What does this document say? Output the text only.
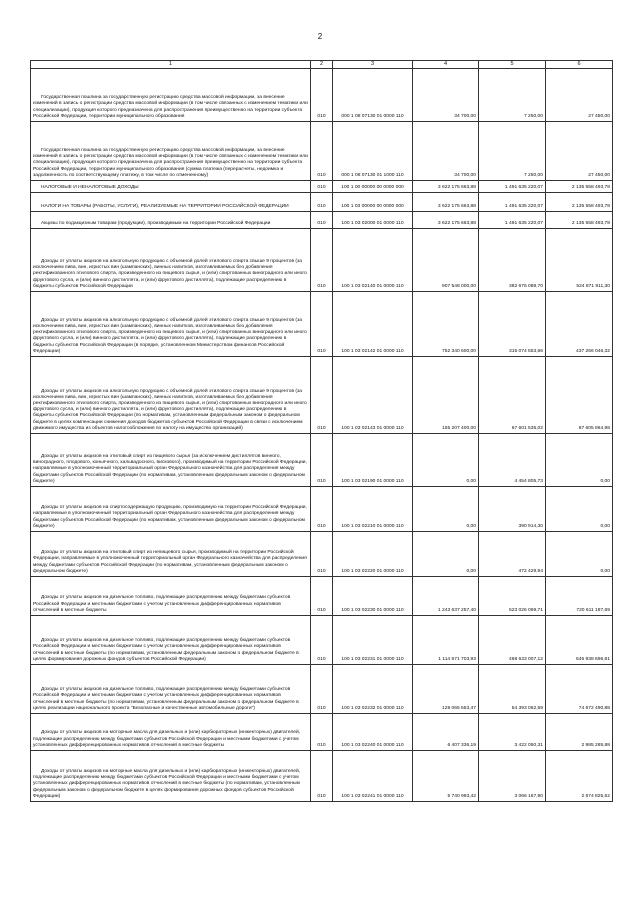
2
1	2	3	4	5	6
Государственная пошлина за государственную регистрацию средства массовой информации, за внесение изменений в запись о регистрации средства массовой информации (в том числе связанных с изменением тематики или специализации), продукция которого предназначена для распространения преимущественно на территории субъекта Российской Федерации, территории муниципального образования	010	000 1 08 07130 01 0000 110	34 700,00	7 250,00	27 450,00
Государственная пошлина за государственную регистрацию средства массовой информации, за внесение изменений в запись о регистрации средства массовой информации (в том числе связанных с изменением тематики или специализации), продукция которого предназначена для распространения преимущественно на территории субъекта Российской Федерации, территории муниципального образования (сумма платежа (перерасчеты, недоимка и задолженность по соответствующему платежу, в том числе по отмененному)	010	000 1 08 07130 01 1000 110	34 700,00	7 250,00	27 450,00
НАЛОГОВЫЕ И НЕНАЛОГОВЫЕ ДОХОДЫ	010	100 1 00 00000 00 0000 000	3 622 175 663,88	1 491 635 220,07	2 135 558 493,78
НАЛОГИ НА ТОВАРЫ (РАБОТЫ, УСЛУГИ), РЕАЛИЗУЕМЫЕ НА ТЕРРИТОРИИ РОССИЙСКОЙ ФЕДЕРАЦИИ	010	100 1 03 00000 00 0000 000	3 622 175 663,88	1 491 635 220,07	2 135 558 493,78
Акцизы по подакцизным товарам (продукции), производимым на территории Российской Федерации	010	100 1 03 02000 01 0000 110	3 622 175 663,88	1 491 635 220,07	2 135 558 493,78
Доходы от уплаты акцизов на алкогольную продукцию с объемной долей этилового спирта свыше 9 процентов (за исключением пива, вин, игристых вин (шампанских), винных напитков, изготавливаемых без добавления ректификованного этилового спирта, произведенного из пищевого сырья, и (или) спиртованных виноградного или иного фруктового сусла, и (или) винного дистиллята, и (или) фруктового дистиллята), подлежащие распределению в бюджеты субъектов Российской Федерации	010	100 1 03 02140 01 0000 110	907 548 000,00	382 676 088,70	524 871 911,30
Доходы от уплаты акцизов на алкогольную продукцию с объемной долей этилового спирта свыше 9 процентов (за исключением пива, вин, игристых вин (шампанских), винных напитков, изготавливаемых без добавления ректификованного этилового спирта, произведенного из пищевого сырья, и (или) спиртованных виноградного или иного фруктового сусла, и (или) винного дистиллята, и (или) фруктового дистиллята), подлежащие распределению в бюджеты субъектов Российской Федерации (в порядке, установленном Министерством финансов Российской Федерации)	010	100 1 03 02142 01 0000 110	752 340 600,00	315 074 553,66	437 266 046,32
Доходы от уплаты акцизов на алкогольную продукцию с объемной долей этилового спирта свыше 9 процентов (за исключением пива, вин, игристых вин (шампанских), винных напитков, изготавливаемых без добавления ректификованного этилового спирта, произведенного из пищевого сырья, и (или) спиртованных виноградного или иного фруктового сусла, и (или) винного дистиллята, и (или) фруктового дистиллята), подлежащие распределению в бюджеты субъектов Российской Федерации (по нормативам, установленным федеральным законом о федеральном бюджете в целях компенсации снижения доходов бюджетов субъектов Российской Федерации в связи с исключением движимого имущества из объектов налогообложения по налогу на имущество организаций)	010	100 1 03 02143 01 0000 110	155 207 400,00	67 601 535,02	87 605 864,98
Доходы от уплаты акцизов на этиловый спирт из пищевого сырья (за исключением дистиллятов винного, виноградного, плодового, коньячного, кальвадосного, вискового), производимый на территории Российской Федерации, направляемые в уполномоченный территориальный орган Федерального казначейства для распределения между бюджетами субъектов Российской Федерации (по нормативам, установленным федеральным законом о федеральном бюджете)	010	100 1 03 02190 01 0000 110	0,00	4 454 805,73	0,00
Доходы от уплаты акцизов на спиртосодержащую продукцию, производимую на территории Российской Федерации, направляемые в уполномоченный территориальный орган Федерального казначейства для распределения между бюджетами субъектов Российской Федерации (по нормативам, установленным федеральным законом о федеральном бюджете)	010	100 1 03 02210 01 0000 110	0,00	390 914,30	0,00
Доходы от уплаты акцизов на этиловый спирт из непищевого сырья, производимый на территории Российской Федерации, направляемые в уполномоченный территориальный орган Федерального казначейства для распределения между бюджетами субъектов Российской Федерации (по нормативам, установленным федеральным законом о федеральном бюджете)	010	100 1 03 02220 01 0000 110	0,00	472 429,94	0,00
Доходы от уплаты акцизов на дизельное топливо, подлежащие распределению между бюджетами субъектов Российской Федерации и местными бюджетами с учетом установленных дифференцированных нормативов отчислений в местные бюджеты	010	100 1 03 02230 01 0000 110	1 243 637 257,40	523 026 069,71	720 611 187,69
Доходы от уплаты акцизов на дизельное топливо, подлежащие распределению между бюджетами субъектов Российской Федерации и местными бюджетами с учетом установленных дифференцированных нормативов отчислений в местные бюджеты (по нормативам, установленным федеральным законом о федеральном бюджете в целях формирования дорожных фондов субъектов Российской Федерации)	010	100 1 03 02231 01 0000 110	1 114 571 703,93	468 633 007,12	645 938 696,81
Доходы от уплаты акцизов на дизельное топливо, подлежащие распределению между бюджетами субъектов Российской Федерации и местными бюджетами с учетом установленных дифференцированных нормативов отчислений в местные бюджеты (по нормативам, установленным федеральным законом о федеральном бюджете в целях реализации национального проекта "Безопасные и качественные автомобильные дороги")	010	100 1 03 02232 01 0000 110	129 065 553,47	54 393 062,59	74 672 490,88
Доходы от уплаты акцизов на моторные масла для дизельных и (или) карбюраторных (инжекторных) двигателей, подлежащие распределению между бюджетами субъектов Российской Федерации и местными бюджетами с учетом установленных дифференцированных нормативов отчислений в местные бюджеты	010	100 1 03 02240 01 0000 110	6 407 336,19	3 422 050,31	2 985 285,88
Доходы от уплаты акцизов на моторные масла для дизельных и (или) карбюраторных (инжекторных) двигателей, подлежащие распределению между бюджетами субъектов Российской Федерации и местными бюджетами с учетом установленных дифференцированных нормативов отчислений в местные бюджеты (по нормативам, установленным федеральным законом о федеральном бюджете в целях формирования дорожных фондов субъектов Российской Федерации)	010	100 1 03 02241 01 0000 110	5 740 993,42	3 066 167,90	2 674 825,52
